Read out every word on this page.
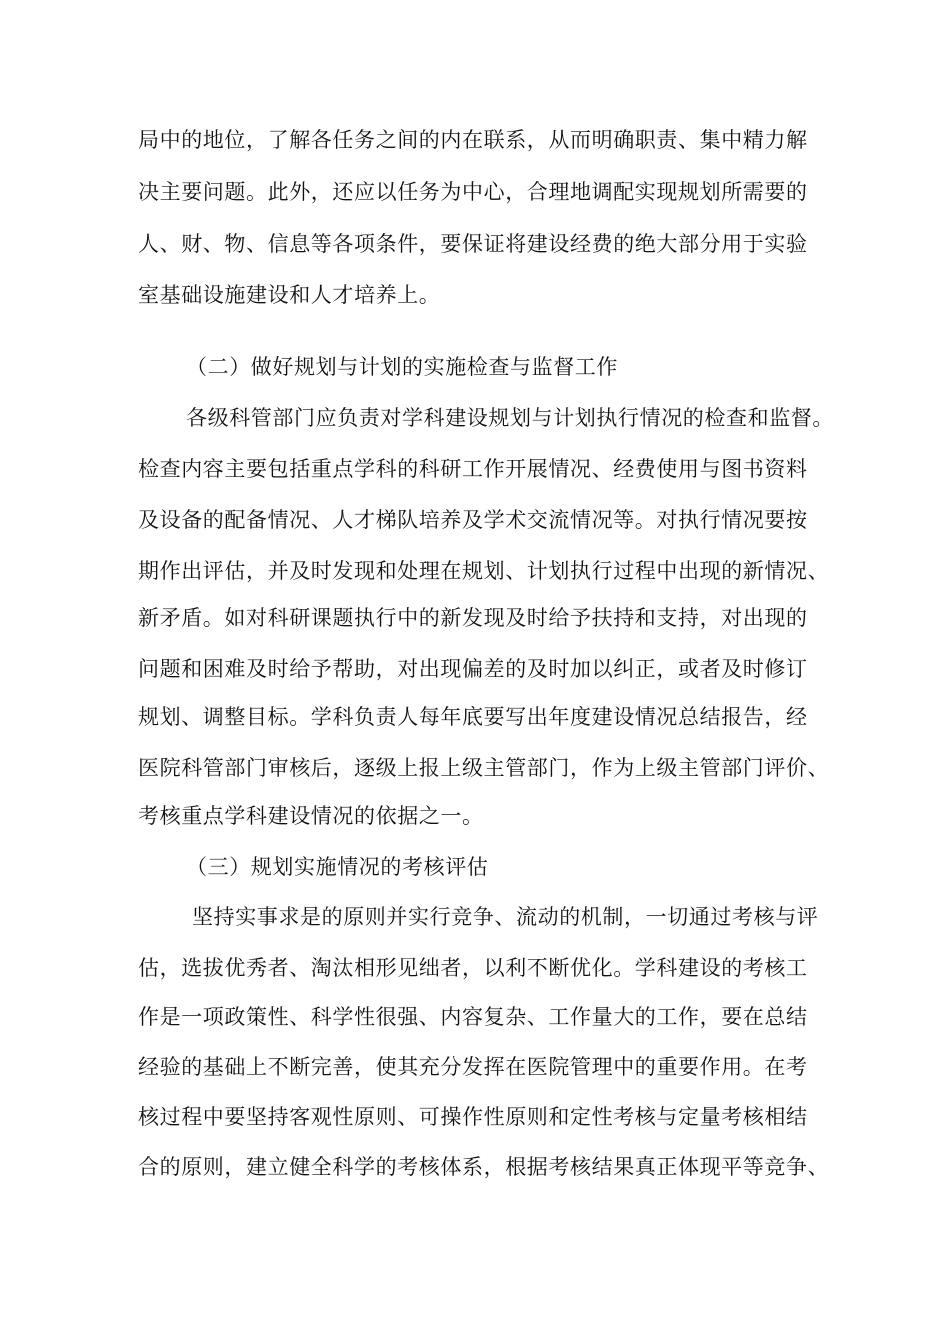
局中的地位，了解各任务之间的内在联系，从而明确职责、集中精力解
决主要问题。此外，还应以任务为中心，合理地调配实现规划所需要的
人、财、物、信息等各项条件，要保证将建设经费的绝大部分用于实验
室基础设施建设和人才培养上。
（二）做好规划与计划的实施检查与监督工作
各级科管部门应负责对学科建设规划与计划执行情况的检查和监督。
检查内容主要包括重点学科的科研工作开展情况、经费使用与图书资料
及设备的配备情况、人才梯队培养及学术交流情况等。对执行情况要按
期作出评估，并及时发现和处理在规划、计划执行过程中出现的新情况、
新矛盾。如对科研课题执行中的新发现及时给予扶持和支持，对出现的
问题和困难及时给予帮助，对出现偏差的及时加以纠正，或者及时修订
规划、调整目标。学科负责人每年底要写出年度建设情况总结报告，经
医院科管部门审核后，逐级上报上级主管部门，作为上级主管部门评价、
考核重点学科建设情况的依据之一。
（三）规划实施情况的考核评估
坚持实事求是的原则并实行竞争、流动的机制，一切通过考核与评
估，选拔优秀者、淘汰相形见绌者，以利不断优化。学科建设的考核工
作是一项政策性、科学性很强、内容复杂、工作量大的工作，要在总结
经验的基础上不断完善，使其充分发挥在医院管理中的重要作用。在考
核过程中要坚持客观性原则、可操作性原则和定性考核与定量考核相结
合的原则，建立健全科学的考核体系，根据考核结果真正体现平等竞争、
